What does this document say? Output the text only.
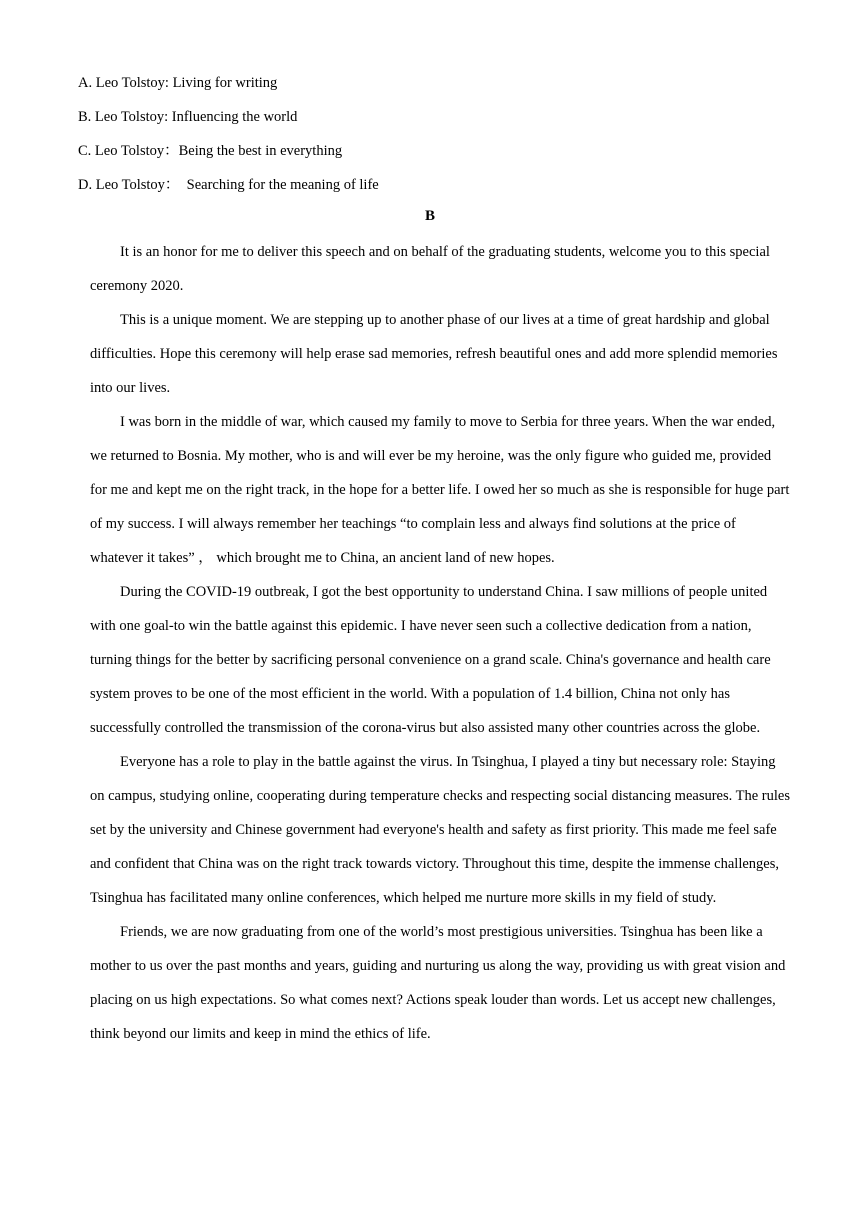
A. Leo Tolstoy: Living for writing
B. Leo Tolstoy: Influencing the world
C. Leo Tolstoy：Being the best in everything
D. Leo Tolstoy：  Searching for the meaning of life
B

It is an honor for me to deliver this speech and on behalf of the graduating students, welcome you to this special ceremony 2020.

This is a unique moment. We are stepping up to another phase of our lives at a time of great hardship and global difficulties. Hope this ceremony will help erase sad memories, refresh beautiful ones and add more splendid memories into our lives.

I was born in the middle of war, which caused my family to move to Serbia for three years. When the war ended, we returned to Bosnia. My mother, who is and will ever be my heroine, was the only figure who guided me, provided for me and kept me on the right track, in the hope for a better life. I owed her so much as she is responsible for huge part of my success. I will always remember her teachings “to complain less and always find solutions at the price of whatever it takes” ， which brought me to China, an ancient land of new hopes.

During the COVID-19 outbreak, I got the best opportunity to understand China. I saw millions of people united with one goal-to win the battle against this epidemic. I have never seen such a collective dedication from a nation, turning things for the better by sacrificing personal convenience on a grand scale. China's governance and health care system proves to be one of the most efficient in the world. With a population of 1.4 billion, China not only has successfully controlled the transmission of the corona-virus but also assisted many other countries across the globe.

Everyone has a role to play in the battle against the virus. In Tsinghua, I played a tiny but necessary role: Staying on campus, studying online, cooperating during temperature checks and respecting social distancing measures. The rules set by the university and Chinese government had everyone's health and safety as first priority. This made me feel safe and confident that China was on the right track towards victory. Throughout this time, despite the immense challenges, Tsinghua has facilitated many online conferences, which helped me nurture more skills in my field of study.

Friends, we are now graduating from one of the world’s most prestigious universities. Tsinghua has been like a mother to us over the past months and years, guiding and nurturing us along the way, providing us with great vision and placing on us high expectations. So what comes next? Actions speak louder than words. Let us accept new challenges, think beyond our limits and keep in mind the ethics of life.
